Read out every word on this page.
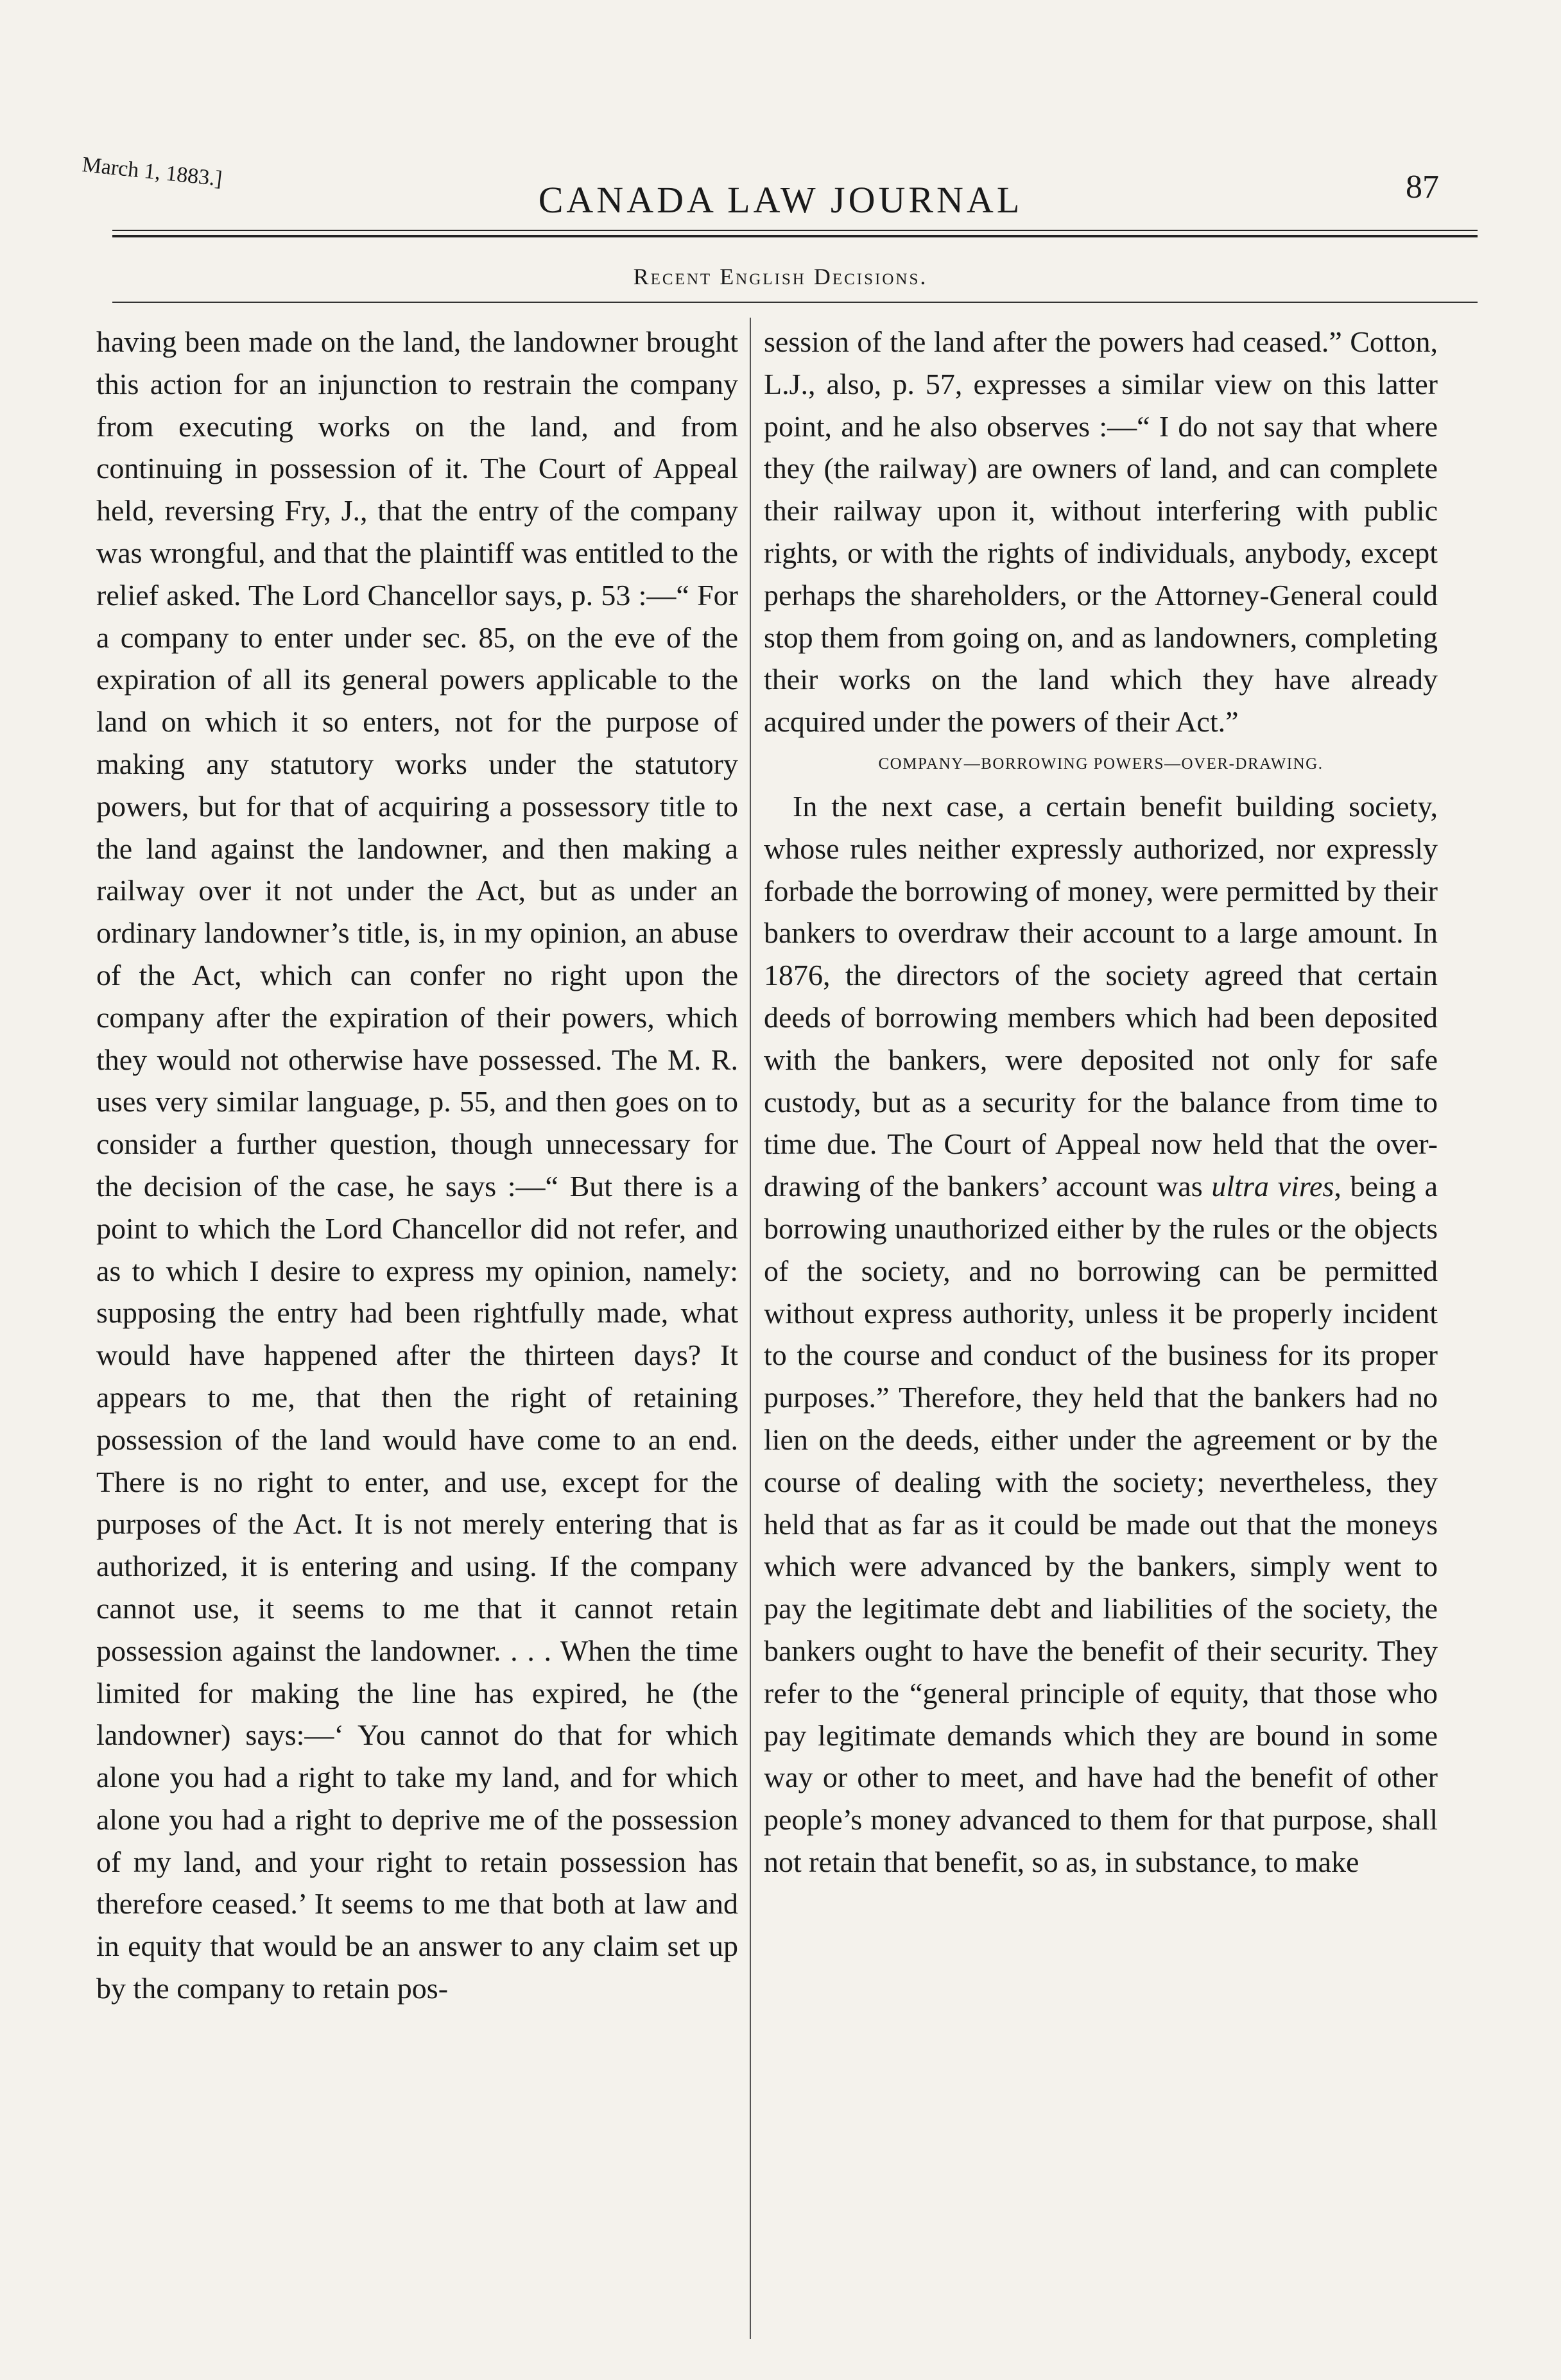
March 1, 1883.]
CANADA LAW JOURNAL	87
Recent English Decisions.

having been made on the land, the landowner brought this action for an injunction to restrain the company from executing works on the land, and from continuing in possession of it. The Court of Appeal held, reversing Fry, J., that the entry of the company was wrongful, and that the plaintiff was entitled to the relief asked. The Lord Chancellor says, p. 53 :—“ For a company to enter under sec. 85, on the eve of the expiration of all its general powers applicable to the land on which it so enters, not for the purpose of making any statutory works under the statutory powers, but for that of acquiring a possessory title to the land against the landowner, and then making a railway over it not under the Act, but as under an ordinary landowner’s title, is, in my opinion, an abuse of the Act, which can confer no right upon the company after the expiration of their powers, which they would not otherwise have possessed. The M. R. uses very similar language, p. 55, and then goes on to consider a further question, though unnecessary for the decision of the case, he says :—“ But there is a point to which the Lord Chancellor did not refer, and as to which I desire to express my opinion, namely: supposing the entry had been rightfully made, what would have happened after the thirteen days? It appears to me, that then the right of retaining possession of the land would have come to an end. There is no right to enter, and use, except for the purposes of the Act. It is not merely entering that is authorized, it is entering and using. If the company cannot use, it seems to me that it cannot retain possession against the landowner. . . . When the time limited for making the line has expired, he (the landowner) says:—‘ You cannot do that for which alone you had a right to take my land, and for which alone you had a right to deprive me of the possession of my land, and your right to retain possession has therefore ceased.’ It seems to me that both at law and in equity that would be an answer to any claim set up by the company to retain pos-

session of the land after the powers had ceased.” Cotton, L.J., also, p. 57, expresses a similar view on this latter point, and he also observes :—“ I do not say that where they (the railway) are owners of land, and can complete their railway upon it, without interfering with public rights, or with the rights of individuals, anybody, except perhaps the shareholders, or the Attorney-General could stop them from going on, and as landowners, completing their works on the land which they have already acquired under the powers of their Act.”

COMPANY—BORROWING POWERS—OVER-DRAWING.

In the next case, a certain benefit building society, whose rules neither expressly authorized, nor expressly forbade the borrowing of money, were permitted by their bankers to overdraw their account to a large amount. In 1876, the directors of the society agreed that certain deeds of borrowing members which had been deposited with the bankers, were deposited not only for safe custody, but as a security for the balance from time to time due. The Court of Appeal now held that the over-drawing of the bankers’ account was ultra vires, being a borrowing unauthorized either by the rules or the objects of the society, and no borrowing can be permitted without express authority, unless it be properly incident to the course and conduct of the business for its proper purposes.” Therefore, they held that the bankers had no lien on the deeds, either under the agreement or by the course of dealing with the society; nevertheless, they held that as far as it could be made out that the moneys which were advanced by the bankers, simply went to pay the legitimate debt and liabilities of the society, the bankers ought to have the benefit of their security. They refer to the “general principle of equity, that those who pay legitimate demands which they are bound in some way or other to meet, and have had the benefit of other people’s money advanced to them for that purpose, shall not retain that benefit, so as, in substance, to make
